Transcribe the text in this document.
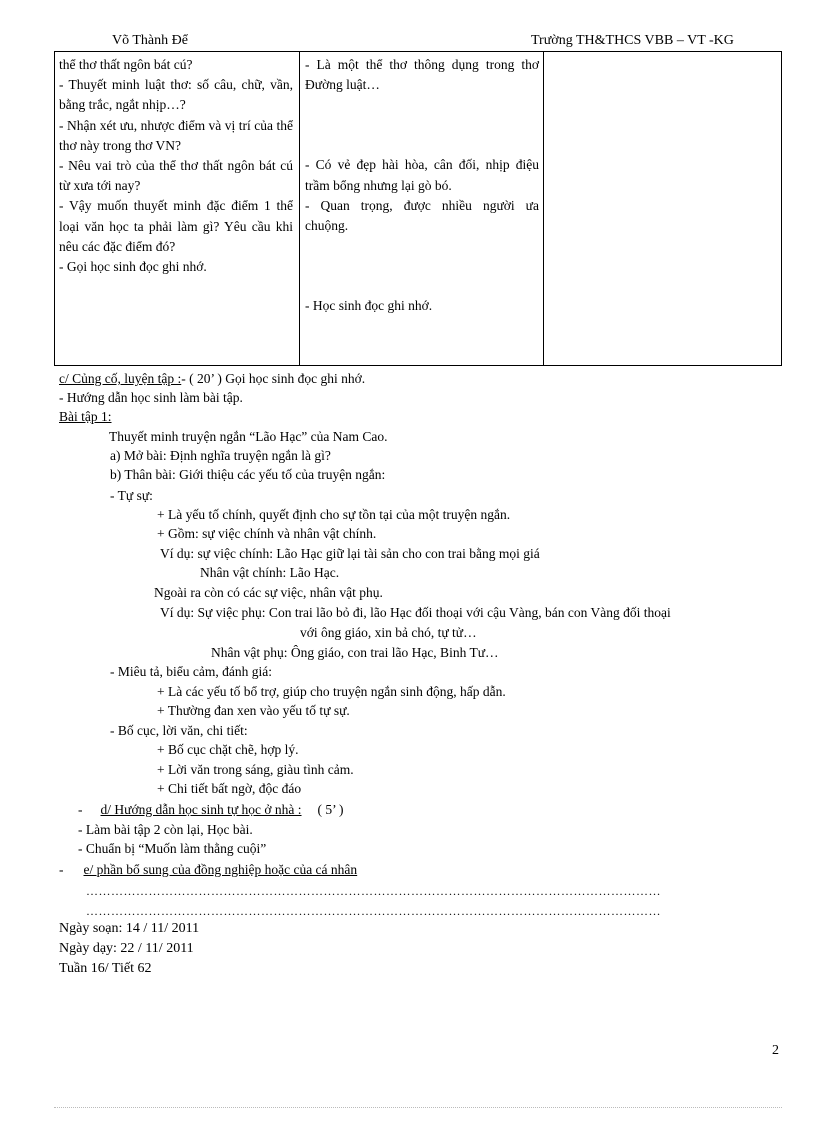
Võ Thành Để	Trường TH&THCS VBB – VT -KG

thể thơ thất ngôn bát cú?

- Thuyết minh luật thơ: số câu, chữ, vần, bằng trắc, ngắt nhịp…?

- Nhận xét ưu, nhược điểm và vị trí của thể thơ này trong thơ VN?

- Nêu vai trò của thể thơ thất ngôn bát cú từ xưa tới nay?

- Vậy muốn thuyết minh đặc điểm 1 thể loại văn học ta phải làm gì? Yêu cầu khi nêu các đặc điểm đó?

- Gọi học sinh đọc ghi nhớ.

- Là một thể thơ thông dụng trong thơ Đường luật…

- Có vẻ đẹp hài hòa, cân đối, nhịp điệu trầm bổng nhưng lại gò bó.

- Quan trọng, được nhiều người ưa chuộng.

- Học sinh đọc ghi nhớ.

c/ Củng cố, luyện tập :- ( 20’ ) Gọi học sinh đọc ghi nhớ.
- Hướng dẫn học sinh làm bài tập.
Bài tập 1:
Thuyết minh truyện ngắn “Lão Hạc” của Nam Cao.
a) Mở bài: Định nghĩa truyện ngắn là gì?
b) Thân bài: Giới thiệu các yếu tố của truyện ngắn:
- Tự sự:
+ Là yếu tố chính, quyết định cho sự tồn tại của một truyện ngắn.
+ Gồm: sự việc chính và nhân vật chính.
Ví dụ: sự việc chính: Lão Hạc giữ lại tài sản cho con trai bằng mọi giá
Nhân vật chính: Lão Hạc.
Ngoài ra còn có các sự việc, nhân vật phụ.
Ví dụ: Sự việc phụ: Con trai lão bỏ đi, lão Hạc đối thoại với cậu Vàng, bán con Vàng đối thoại
với ông giáo, xin bả chó, tự tử…
Nhân vật phụ: Ông giáo, con trai lão Hạc, Binh Tư…
- Miêu tả, biểu cảm, đánh giá:
+ Là các yếu tố bổ trợ, giúp cho truyện ngắn sinh động, hấp dẫn.
+ Thường đan xen vào yếu tố tự sự.
- Bố cục, lời văn, chi tiết:
+ Bố cục chặt chẽ, hợp lý.
+ Lời văn trong sáng, giàu tình cảm.
+ Chi tiết bất ngờ, độc đáo
- d/ Hướng dẫn học sinh tự học ở nhà : ( 5’ )
- Làm bài tập 2 còn lại, Học bài.
- Chuẩn bị “Muốn làm thằng cuội”
- e/ phần bổ sung của đồng nghiệp hoặc của cá nhân
…………………………………………………………………………………………………………………………
…………………………………………………………………………………………………………………………
Ngày soạn: 14 / 11/ 2011
Ngày dạy: 22 / 11/ 2011
Tuần 16/ Tiết 62
2
